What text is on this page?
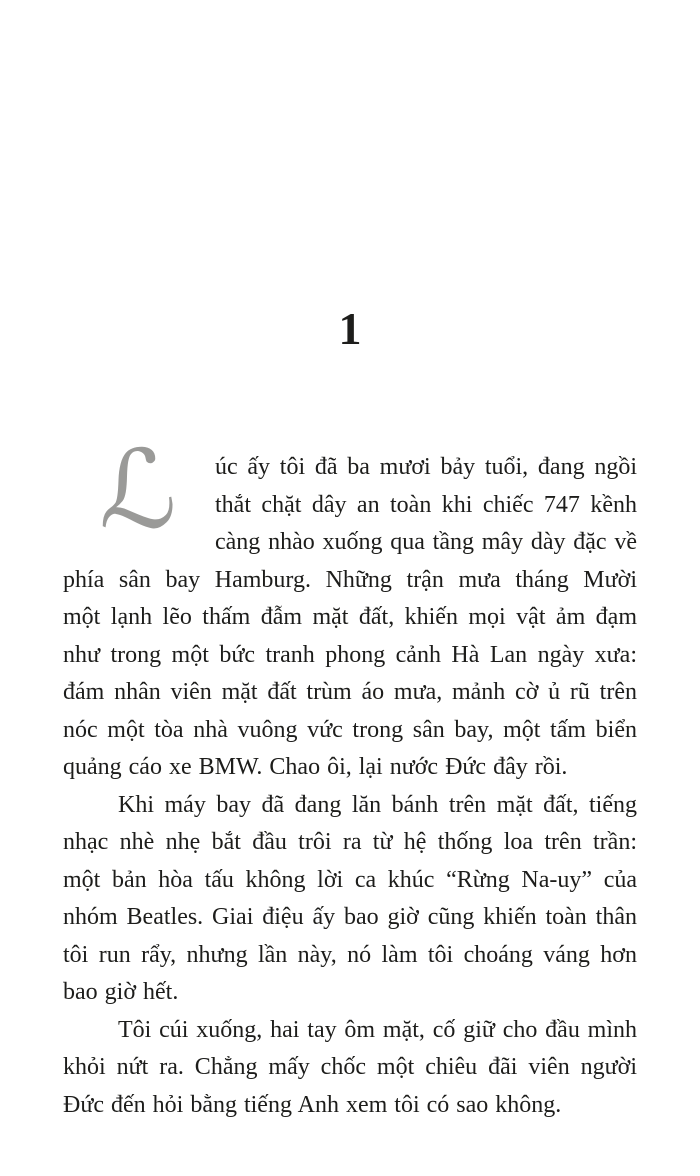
1
ℒ	úc ấy tôi đã ba mươi bảy tuổi, đang ngồi
thắt chặt dây an toàn khi chiếc 747 kềnh
càng nhào xuống qua tầng mây dày đặc về
phía sân bay Hamburg. Những trận mưa tháng Mười
một lạnh lẽo thấm đẫm mặt đất, khiến mọi vật ảm đạm
như trong một bức tranh phong cảnh Hà Lan ngày xưa:
đám nhân viên mặt đất trùm áo mưa, mảnh cờ ủ rũ trên
nóc một tòa nhà vuông vức trong sân bay, một tấm biển
quảng cáo xe BMW. Chao ôi, lại nước Đức đây rồi.
Khi máy bay đã đang lăn bánh trên mặt đất, tiếng
nhạc nhè nhẹ bắt đầu trôi ra từ hệ thống loa trên trần:
một bản hòa tấu không lời ca khúc “Rừng Na-uy” của
nhóm Beatles. Giai điệu ấy bao giờ cũng khiến toàn thân
tôi run rẩy, nhưng lần này, nó làm tôi choáng váng hơn
bao giờ hết.
Tôi cúi xuống, hai tay ôm mặt, cố giữ cho đầu mình
khỏi nứt ra. Chẳng mấy chốc một chiêu đãi viên người
Đức đến hỏi bằng tiếng Anh xem tôi có sao không.
